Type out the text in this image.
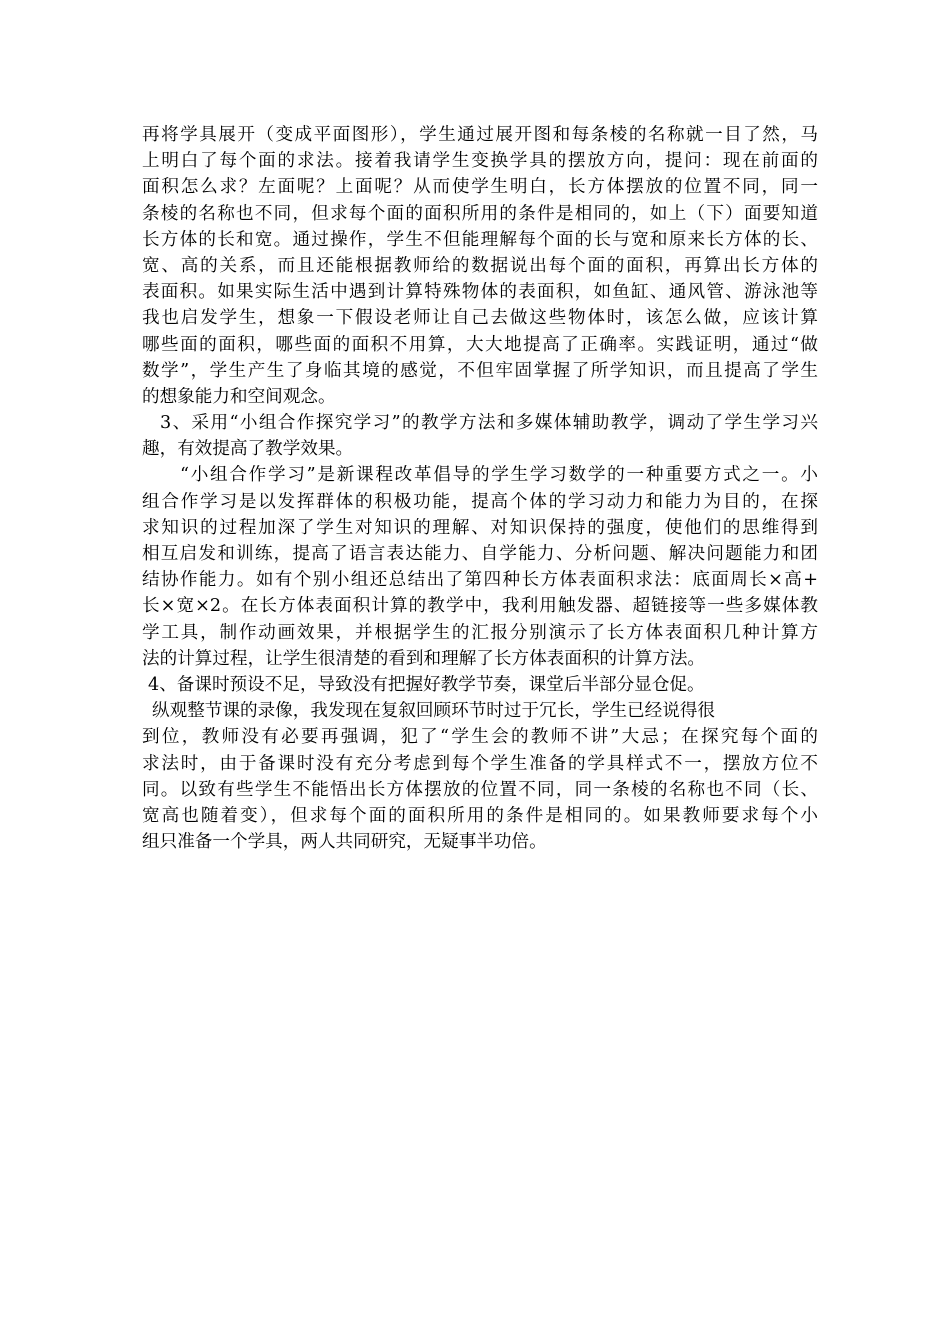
再将学具展开（变成平面图形），学生通过展开图和每条棱的名称就一目了然，马
上明白了每个面的求法。接着我请学生变换学具的摆放方向，提问：现在前面的
面积怎么求？左面呢？上面呢？从而使学生明白，长方体摆放的位置不同，同一
条棱的名称也不同，但求每个面的面积所用的条件是相同的，如上（下）面要知道
长方体的长和宽。通过操作，学生不但能理解每个面的长与宽和原来长方体的长、
宽、高的关系，而且还能根据教师给的数据说出每个面的面积，再算出长方体的
表面积。如果实际生活中遇到计算特殊物体的表面积，如鱼缸、通风管、游泳池等
我也启发学生，想象一下假设老师让自己去做这些物体时，该怎么做，应该计算
哪些面的面积，哪些面的面积不用算，大大地提高了正确率。实践证明，通过“做
数学”，学生产生了身临其境的感觉，不但牢固掌握了所学知识，而且提高了学生
的想象能力和空间观念。
3、采用“小组合作探究学习”的教学方法和多媒体辅助教学，调动了学生学习兴
趣，有效提高了教学效果。
“小组合作学习”是新课程改革倡导的学生学习数学的一种重要方式之一。小
组合作学习是以发挥群体的积极功能，提高个体的学习动力和能力为目的，在探
求知识的过程加深了学生对知识的理解、对知识保持的强度，使他们的思维得到
相互启发和训练，提高了语言表达能力、自学能力、分析问题、解决问题能力和团
结协作能力。如有个别小组还总结出了第四种长方体表面积求法：底面周长×高+
长×宽×2。在长方体表面积计算的教学中，我利用触发器、超链接等一些多媒体教
学工具，制作动画效果，并根据学生的汇报分别演示了长方体表面积几种计算方
法的计算过程，让学生很清楚的看到和理解了长方体表面积的计算方法。
4、备课时预设不足，导致没有把握好教学节奏，课堂后半部分显仓促。
纵观整节课的录像，我发现在复叙回顾环节时过于冗长，学生已经说得很
到位，教师没有必要再强调，犯了“学生会的教师不讲”大忌；在探究每个面的
求法时，由于备课时没有充分考虑到每个学生准备的学具样式不一，摆放方位不
同。以致有些学生不能悟出长方体摆放的位置不同，同一条棱的名称也不同（长、
宽高也随着变），但求每个面的面积所用的条件是相同的。如果教师要求每个小
组只准备一个学具，两人共同研究，无疑事半功倍。
